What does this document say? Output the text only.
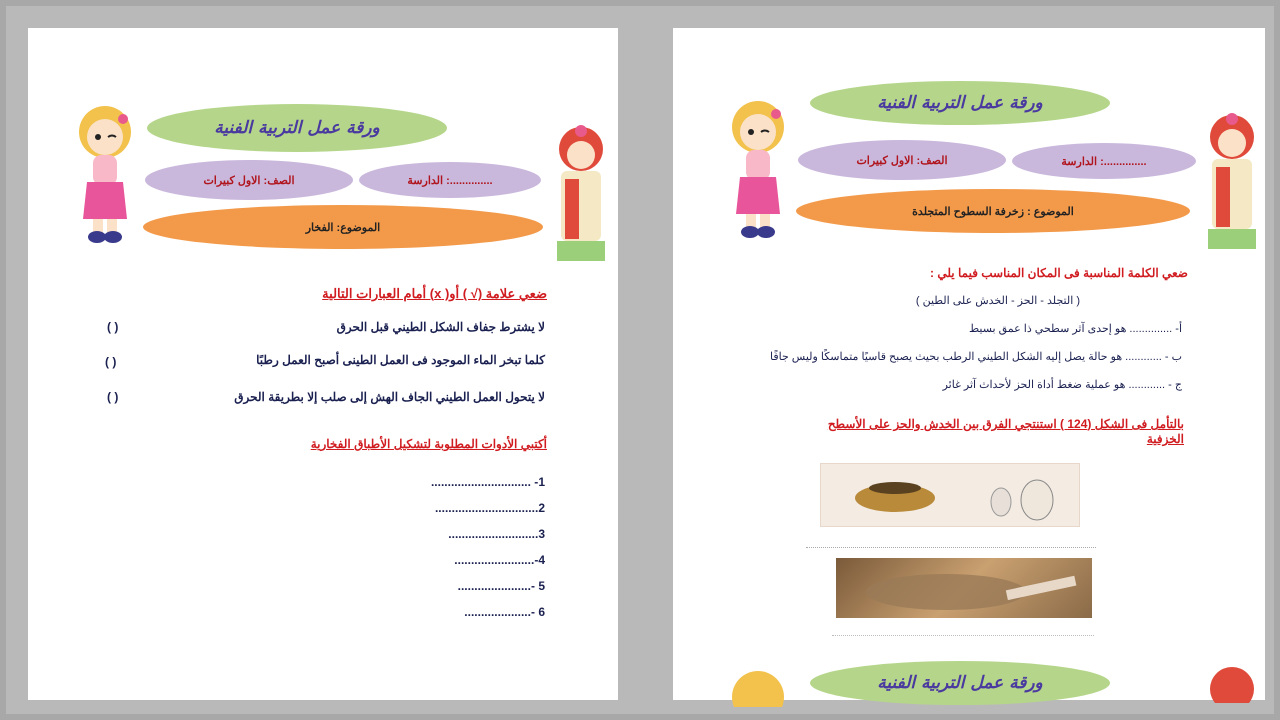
ورقة عمل التربية الفنية
الدارسة :..............
الصف: الاول كبيرات
الموضوع: الفخار
ضعي علامة (√ ) أو( x) أمام العبارات التالية
لا يشترط جفاف الشكل الطيني قبل الحرق
( )
كلما تبخر الماء الموجود فى العمل الطينى أصبح العمل رطبًا
( )
لا يتحول العمل الطيني الجاف الهش إلى صلب إلا بطريقة الحرق
( )
أكتبي الأدوات المطلوبة لتشكيل الأطباق الفخارية
1- ..............................
2...............................
3...........................
4-........................
5 -......................
6 -....................
ورقة عمل التربية الفنية
الدارسة :..............
الصف: الاول كبيرات
الموضوع : زخرفة السطوح المتجلدة
ضعي الكلمة المناسبة فى المكان المناسب فيما يلي :
( التجلد - الحز - الخدش على الطين )
أ- .............. هو إحدى آثر سطحي ذا عمق بسيط
ب - ............ هو حالة يصل إليه الشكل الطيني الرطب بحيث يصبح قاسيًا متماسكًا وليس جافًا
ج - ............ هو عملية ضغط أداة الحز لأحداث آثر غائر
بالتأمل فى الشكل (124 ) استنتجي الفرق بين الخدش والحز على الأسطح الخزفية
ورقة عمل التربية الفنية
